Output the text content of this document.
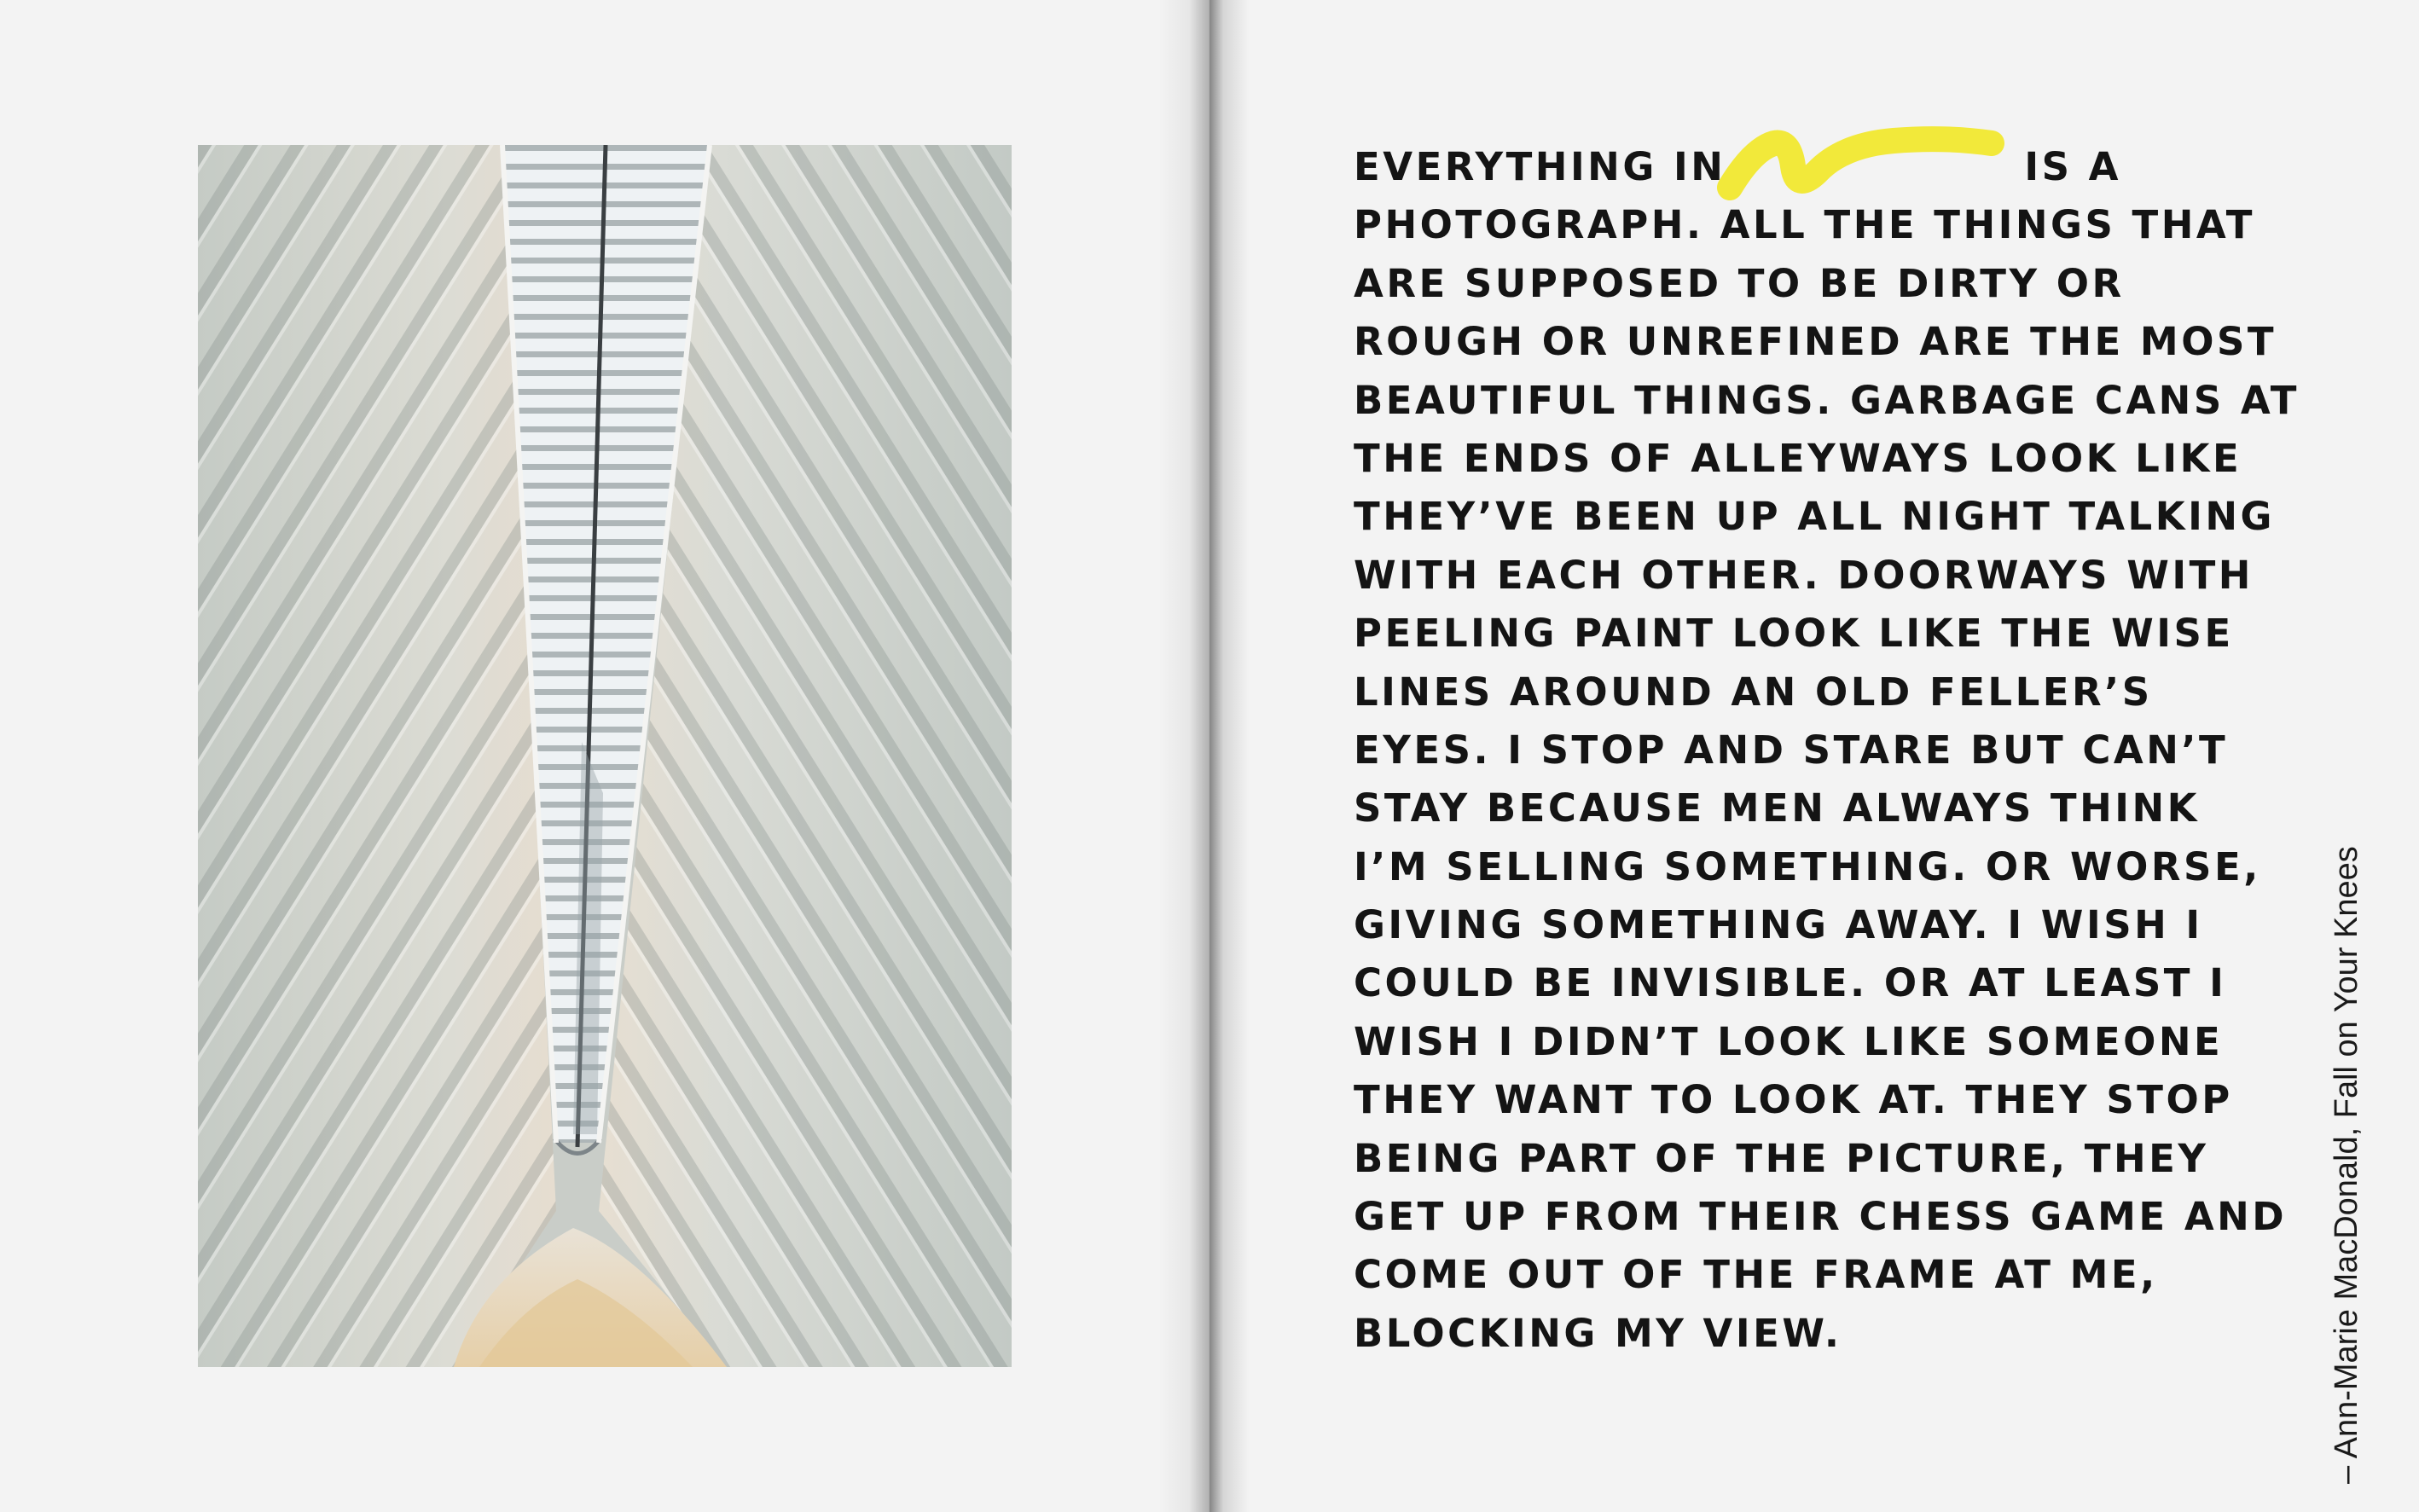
EVERYTHING IN	IS A
PHOTOGRAPH. ALL THE THINGS THAT
ARE SUPPOSED TO BE DIRTY OR
ROUGH OR UNREFINED ARE THE MOST
BEAUTIFUL THINGS. GARBAGE CANS AT
THE ENDS OF ALLEYWAYS LOOK LIKE
THEY’VE BEEN UP ALL NIGHT TALKING
WITH EACH OTHER. DOORWAYS WITH
PEELING PAINT LOOK LIKE THE WISE
LINES AROUND AN OLD FELLER’S
EYES. I STOP AND STARE BUT CAN’T
STAY BECAUSE MEN ALWAYS THINK
I’M SELLING SOMETHING. OR WORSE,
GIVING SOMETHING AWAY. I WISH I
COULD BE INVISIBLE. OR AT LEAST I
WISH I DIDN’T LOOK LIKE SOMEONE
THEY WANT TO LOOK AT. THEY STOP
BEING PART OF THE PICTURE, THEY
GET UP FROM THEIR CHESS GAME AND
COME OUT OF THE FRAME AT ME,
BLOCKING MY VIEW.	– Ann-Marie MacDonald, Fall on Your Knees
